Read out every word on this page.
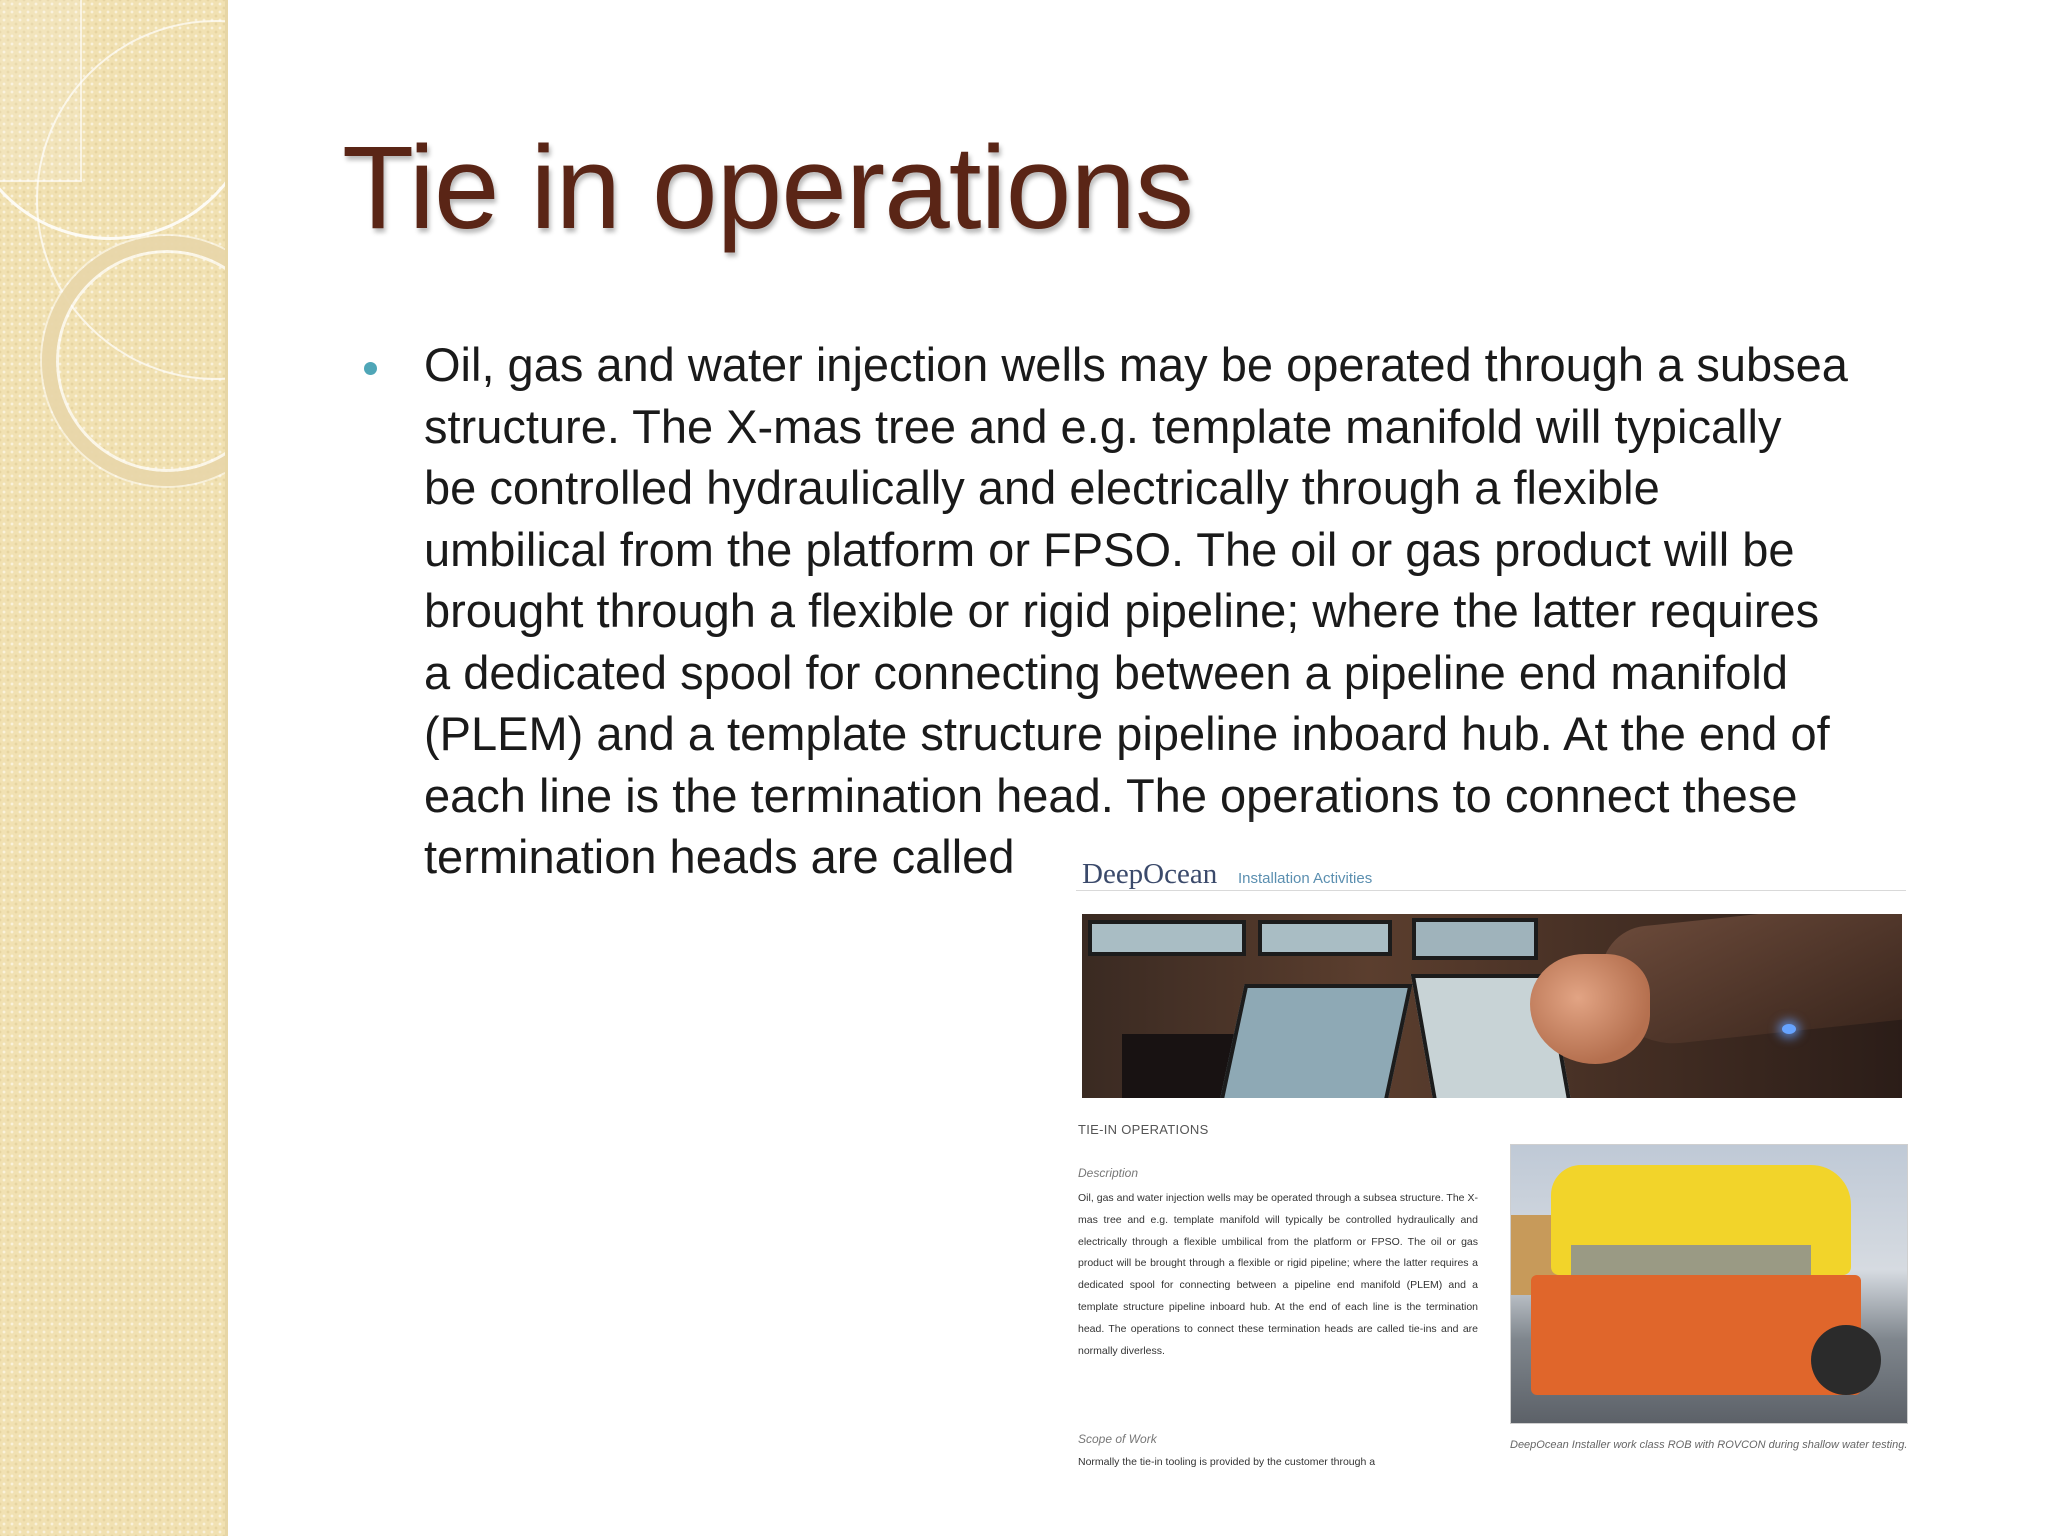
Tie in operations
Oil, gas and water injection wells may be operated through a subsea
structure. The X-mas tree and e.g. template manifold will typically
be controlled hydraulically and electrically through a flexible
umbilical from the platform or FPSO. The oil or gas product will be
brought through a flexible or rigid pipeline; where the latter requires
a dedicated spool for connecting between a pipeline end manifold
(PLEM) and a template structure pipeline inboard hub. At the end of
each line is the termination head. The operations to connect these
termination heads are called	DeepOcean Installation Activities
TIE-IN OPERATIONS
Description
Oil, gas and water injection wells may be operated through a subsea structure. The X-mas tree and e.g. template manifold will typically be controlled hydraulically and electrically through a flexible umbilical from the platform or FPSO. The oil or gas product will be brought through a flexible or rigid pipeline; where the latter requires a dedicated spool for connecting between a pipeline end manifold (PLEM) and a template structure pipeline inboard hub. At the end of each line is the termination head. The operations to connect these termination heads are called tie-ins and are normally diverless.
Scope of Work
Normally the tie-in tooling is provided by the customer through a
DeepOcean Installer work class ROB with ROVCON during shallow water testing.
